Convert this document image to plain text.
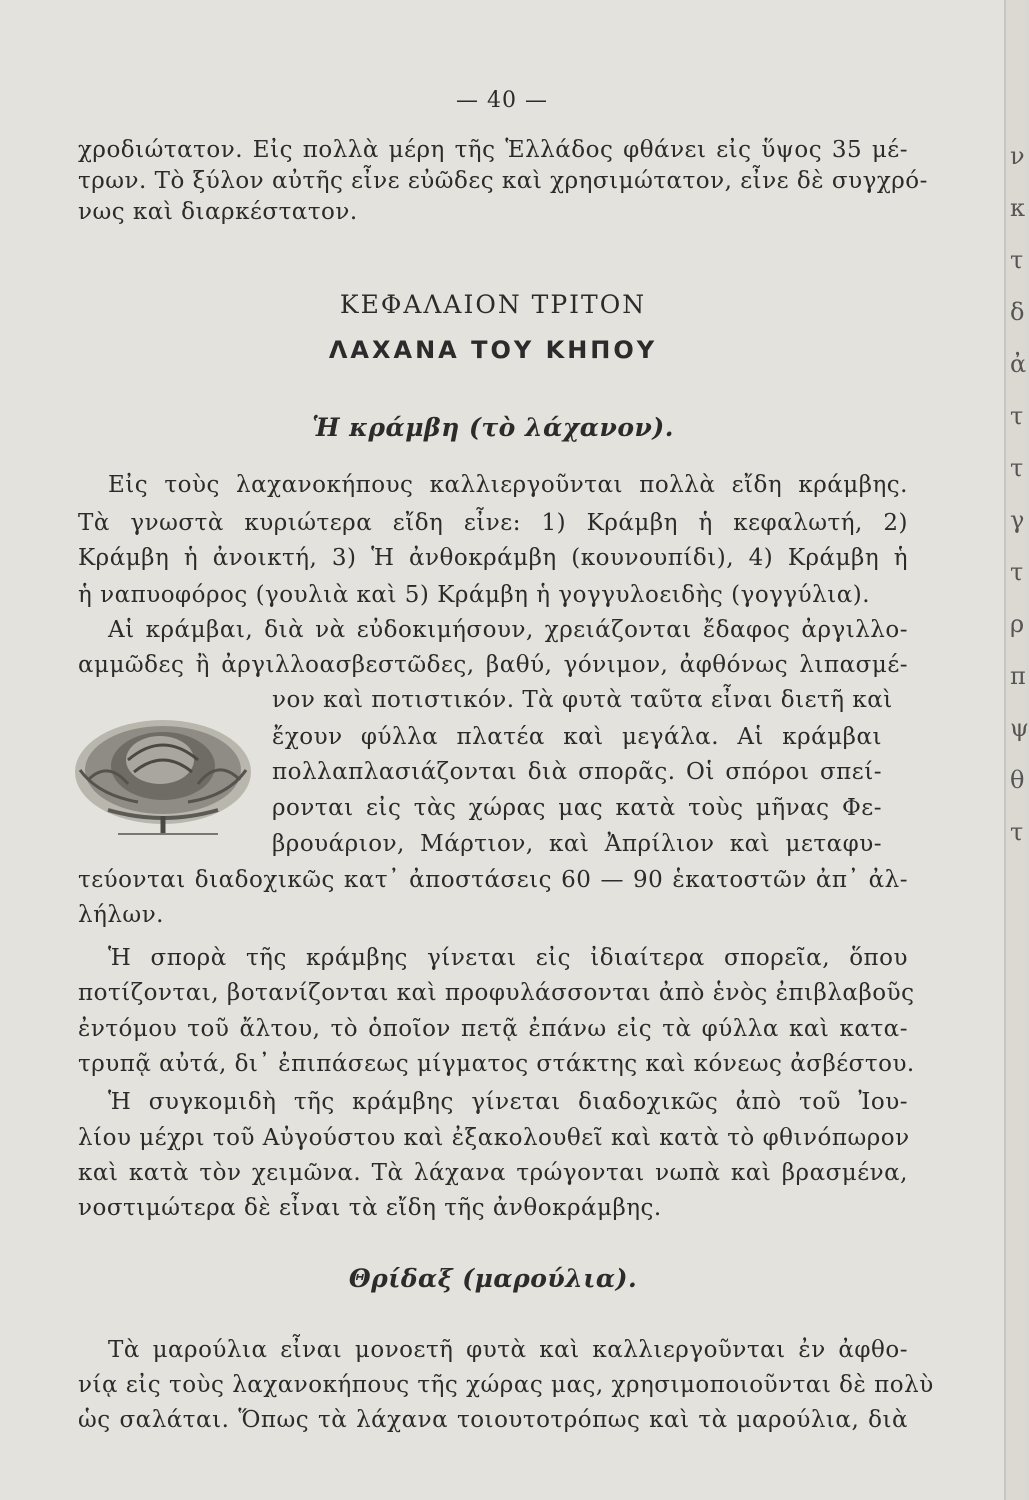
— 40 —
χροδιώτατον. Εἰς πολλὰ μέρη τῆς Ἑλλάδος φθάνει εἰς ὕψος 35 μέ-
τρων. Τὸ ξύλον αὐτῆς εἶνε εὐῶδες καὶ χρησιμώτατον, εἶνε δὲ συγχρό-
νως καὶ διαρκέστατον.
ΚΕΦΑΛΑΙΟΝ ΤΡΙΤΟΝ
ΛΑΧΑΝΑ ΤΟΥ ΚΗΠΟΥ
Ἡ κράμβη (τὸ λάχανον).
Εἰς τοὺς λαχανοκήπους καλλιεργοῦνται πολλὰ εἴδη κράμβης.
Τὰ γνωστὰ κυριώτερα εἴδη εἶνε: 1) Κράμβη ἡ κεφαλωτή, 2)
Κράμβη ἡ ἀνοικτή, 3) Ἡ ἀνθοκράμβη (κουνουπίδι), 4) Κράμβη ἡ
ἡ ναπυοφόρος (γουλιὰ καὶ 5) Κράμβη ἡ γογγυλοειδὴς (γογγύλια).
Αἱ κράμβαι, διὰ νὰ εὐδοκιμήσουν, χρειάζονται ἔδαφος ἀργιλλο-
αμμῶδες ἢ ἀργιλλοασβεστῶδες, βαθύ, γόνιμον, ἀφθόνως λιπασμέ-
νον καὶ ποτιστικόν. Τὰ φυτὰ ταῦτα εἶναι διετῆ καὶ
ἔχουν φύλλα πλατέα καὶ μεγάλα. Αἱ κράμβαι
πολλαπλασιάζονται διὰ σπορᾶς. Οἱ σπόροι σπεί-
ρονται εἰς τὰς χώρας μας κατὰ τοὺς μῆνας Φε-
βρουάριον, Μάρτιον, καὶ Ἀπρίλιον καὶ μεταφυ-
τεύονται διαδοχικῶς κατ᾽ ἀποστάσεις 60 — 90 ἑκατοστῶν ἀπ᾽ ἀλ-
λήλων.
Ἡ σπορὰ τῆς κράμβης γίνεται εἰς ἰδιαίτερα σπορεῖα, ὅπου
ποτίζονται, βοτανίζονται καὶ προφυλάσσονται ἀπὸ ἑνὸς ἐπιβλαβοῦς
ἐντόμου τοῦ ἄλτου, τὸ ὁποῖον πετᾷ ἐπάνω εἰς τὰ φύλλα καὶ κατα-
τρυπᾷ αὐτά, δι᾽ ἐπιπάσεως μίγματος στάκτης καὶ κόνεως ἀσβέστου.
Ἡ συγκομιδὴ τῆς κράμβης γίνεται διαδοχικῶς ἀπὸ τοῦ Ἰου-
λίου μέχρι τοῦ Αὐγούστου καὶ ἐξακολουθεῖ καὶ κατὰ τὸ φθινόπωρον
καὶ κατὰ τὸν χειμῶνα. Τὰ λάχανα τρώγονται νωπὰ καὶ βρασμένα,
νοστιμώτερα δὲ εἶναι τὰ εἴδη τῆς ἀνθοκράμβης.
Θρίδαξ (μαρούλια).
Τὰ μαρούλια εἶναι μονοετῆ φυτὰ καὶ καλλιεργοῦνται ἐν ἀφθο-
νίᾳ εἰς τοὺς λαχανοκήπους τῆς χώρας μας, χρησιμοποιοῦνται δὲ πολὺ
ὡς σαλάται. Ὅπως τὰ λάχανα τοιουτοτρόπως καὶ τὰ μαρούλια, διὰ
ν
κ
τ
δ
ἀ
τ
τ
γ
τ
ρ
π
ψ
θ
τ
